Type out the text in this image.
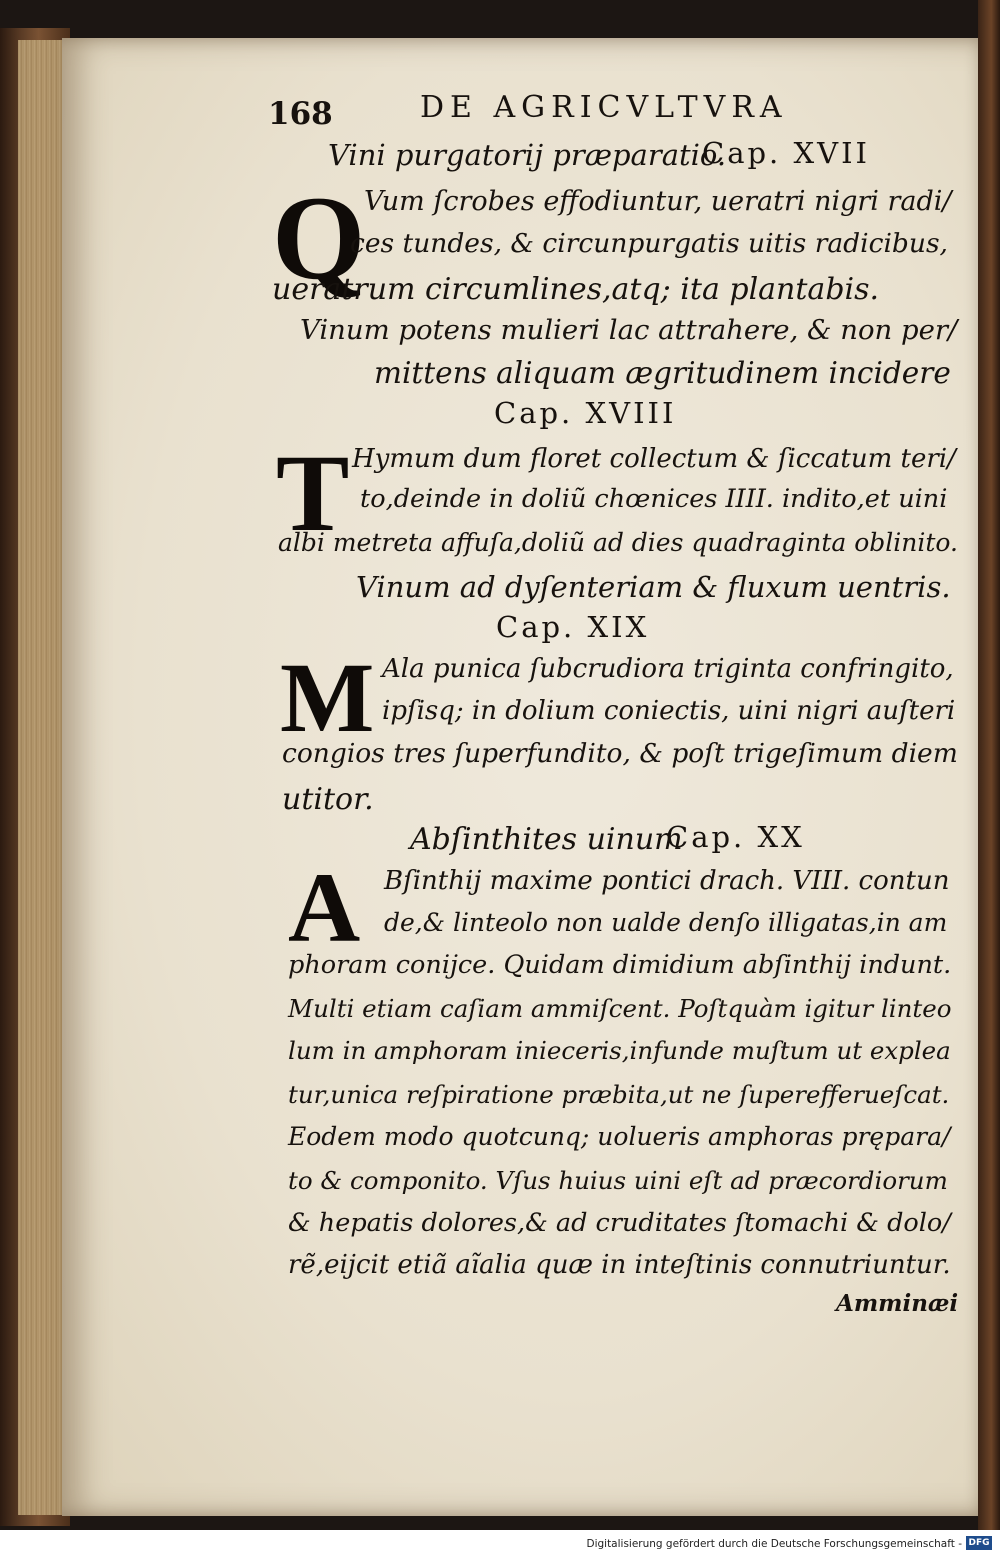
168	DE AGRICVLTVRA
Vini purgatorij præparatio.
Cap. XVII
Q
Vum ſcrobes effodiuntur, ueratri nigri radi/
ces tundes, & circunpurgatis uitis radicibus,
ueratrum circumlines,atq; ita plantabis.
Vinum potens mulieri lac attrahere, & non per/
mittens aliquam ægritudinem incidere
Cap. XVIII
T Hymum dum floret collectum & ſiccatum teri/
to,deinde in doliũ chœnices IIII. indito,et uini
albi metreta affuſa,doliũ ad dies quadraginta oblinito.
Vinum ad dyſenteriam & fluxum uentris.
Cap. XIX
M Ala punica ſubcrudiora triginta confringito,
ipſisq; in dolium coniectis, uini nigri auſteri
congios tres ſuperfundito, & poſt trigeſimum diem
utitor.
Abſinthites uinum
Cap. XX
A Bſinthij maxime pontici drach. VIII. contun
de,& linteolo non ualde denſo illigatas,in am
phoram conijce. Quidam dimidium abſinthij indunt.
Multi etiam caſiam ammiſcent. Poſtquàm igitur linteo
lum in amphoram inieceris,infunde muſtum ut explea
tur,unica reſpiratione præbita,ut ne ſuperefferueſcat.
Eodem modo quotcunq; uolueris amphoras prępara/
to & componito. Vſus huius uini eſt ad præcordiorum
& hepatis dolores,& ad cruditates ſtomachi & dolo/
rẽ,eijcit etiã aĩalia quæ in inteſtinis connutriuntur.
Amminæi
Digitalisierung gefördert durch die Deutsche Forschungsgemeinschaft - DFG
